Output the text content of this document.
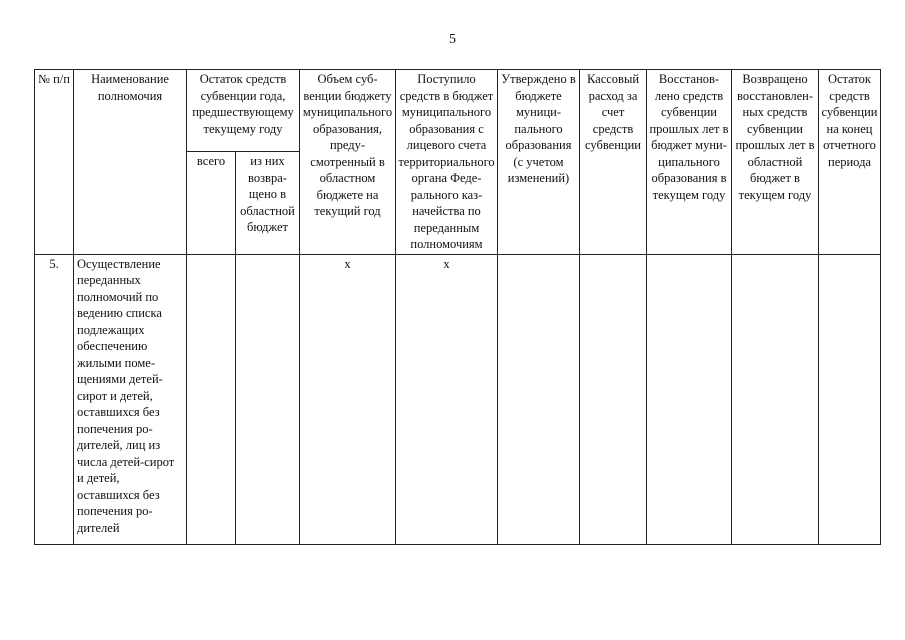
5
№ п/п	Наименование полномочия	Остаток средств субвенции года, предшествующему текущему году		Объем субвенции бюджету муниципального образования, предусмотренный в областном бюджете на текущий год	Поступило средств в бюджет муниципального образования с лицевого счета территориального органа Федерального казначейства по переданным полномочиям	Утверждено в бюджете муниципального образования (с учетом изменений)	Кассовый расход за счет средств субвенции	Восстановлено средств субвенции прошлых лет в бюджет муниципального образования в текущем году	Возвращено восстановленных средств субвенции прошлых лет в областной бюджет в текущем году	Остаток средств субвенции на конец отчетного периода
		всего	из них возвращено в областной бюджет							
5.	Осуществление переданных полномочий по ведению списка подлежащих обеспечению жилыми помещениями детей-сирот и детей, оставшихся без попечения родителей, лиц из числа детей-сирот и детей, оставшихся без попечения родителей			х	х					
